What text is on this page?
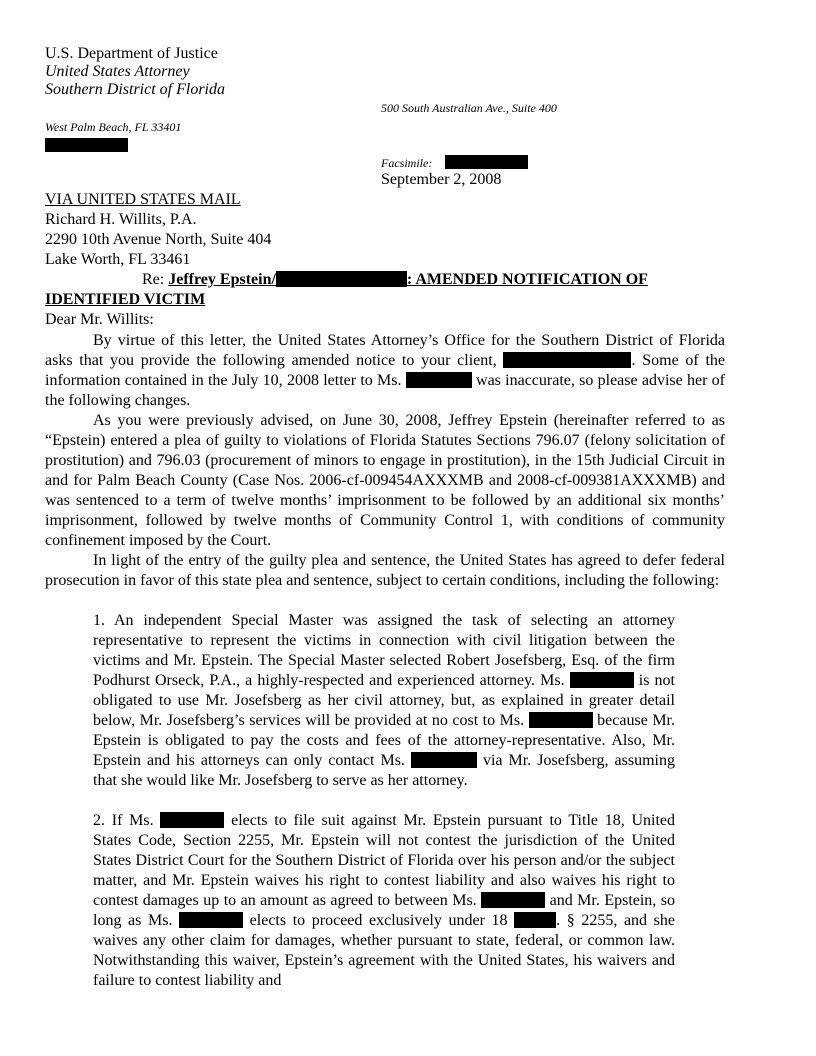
U.S. Department of Justice
United States Attorney
Southern District of Florida
500 South Australian Ave., Suite 400
West Palm Beach, FL 33401
Facsimile:
September 2, 2008
VIA UNITED STATES MAIL
Richard H. Willits, P.A.
2290 10th Avenue North, Suite 404
Lake Worth, FL 33461
Re: Jeffrey Epstein/	: AMENDED NOTIFICATION OF
IDENTIFIED VICTIM
Dear Mr. Willits:
By virtue of this letter, the United States Attorney’s Office for the Southern District of Florida asks that you provide the following amended notice to your client,	. Some of the information contained in the July 10, 2008 letter to Ms.	was inaccurate, so please advise her of the following changes.
As you were previously advised, on June 30, 2008, Jeffrey Epstein (hereinafter referred to as “Epstein) entered a plea of guilty to violations of Florida Statutes Sections 796.07 (felony solicitation of prostitution) and 796.03 (procurement of minors to engage in prostitution), in the 15th Judicial Circuit in and for Palm Beach County (Case Nos. 2006-cf-009454AXXXMB and 2008-cf-009381AXXXMB) and was sentenced to a term of twelve months’ imprisonment to be followed by an additional six months’ imprisonment, followed by twelve months of Community Control 1, with conditions of community confinement imposed by the Court.
In light of the entry of the guilty plea and sentence, the United States has agreed to defer federal prosecution in favor of this state plea and sentence, subject to certain conditions, including the following:
1. An independent Special Master was assigned the task of selecting an attorney representative to represent the victims in connection with civil litigation between the victims and Mr. Epstein. The Special Master selected Robert Josefsberg, Esq. of the firm Podhurst Orseck, P.A., a highly-respected and experienced attorney. Ms.	is not obligated to use Mr. Josefsberg as her civil attorney, but, as explained in greater detail below, Mr. Josefsberg’s services will be provided at no cost to Ms.	because Mr. Epstein is obligated to pay the costs and fees of the attorney-representative. Also, Mr. Epstein and his attorneys can only contact Ms.	via Mr. Josefsberg, assuming that she would like Mr. Josefsberg to serve as her attorney.
2. If Ms.	elects to file suit against Mr. Epstein pursuant to Title 18, United States Code, Section 2255, Mr. Epstein will not contest the jurisdiction of the United States District Court for the Southern District of Florida over his person and/or the subject matter, and Mr. Epstein waives his right to contest liability and also waives his right to contest damages up to an amount as agreed to between Ms.	and Mr. Epstein, so long as Ms.	elects to proceed exclusively under 18	. § 2255, and she waives any other claim for damages, whether pursuant to state, federal, or common law. Notwithstanding this waiver, Epstein’s agreement with the United States, his waivers and failure to contest liability and
